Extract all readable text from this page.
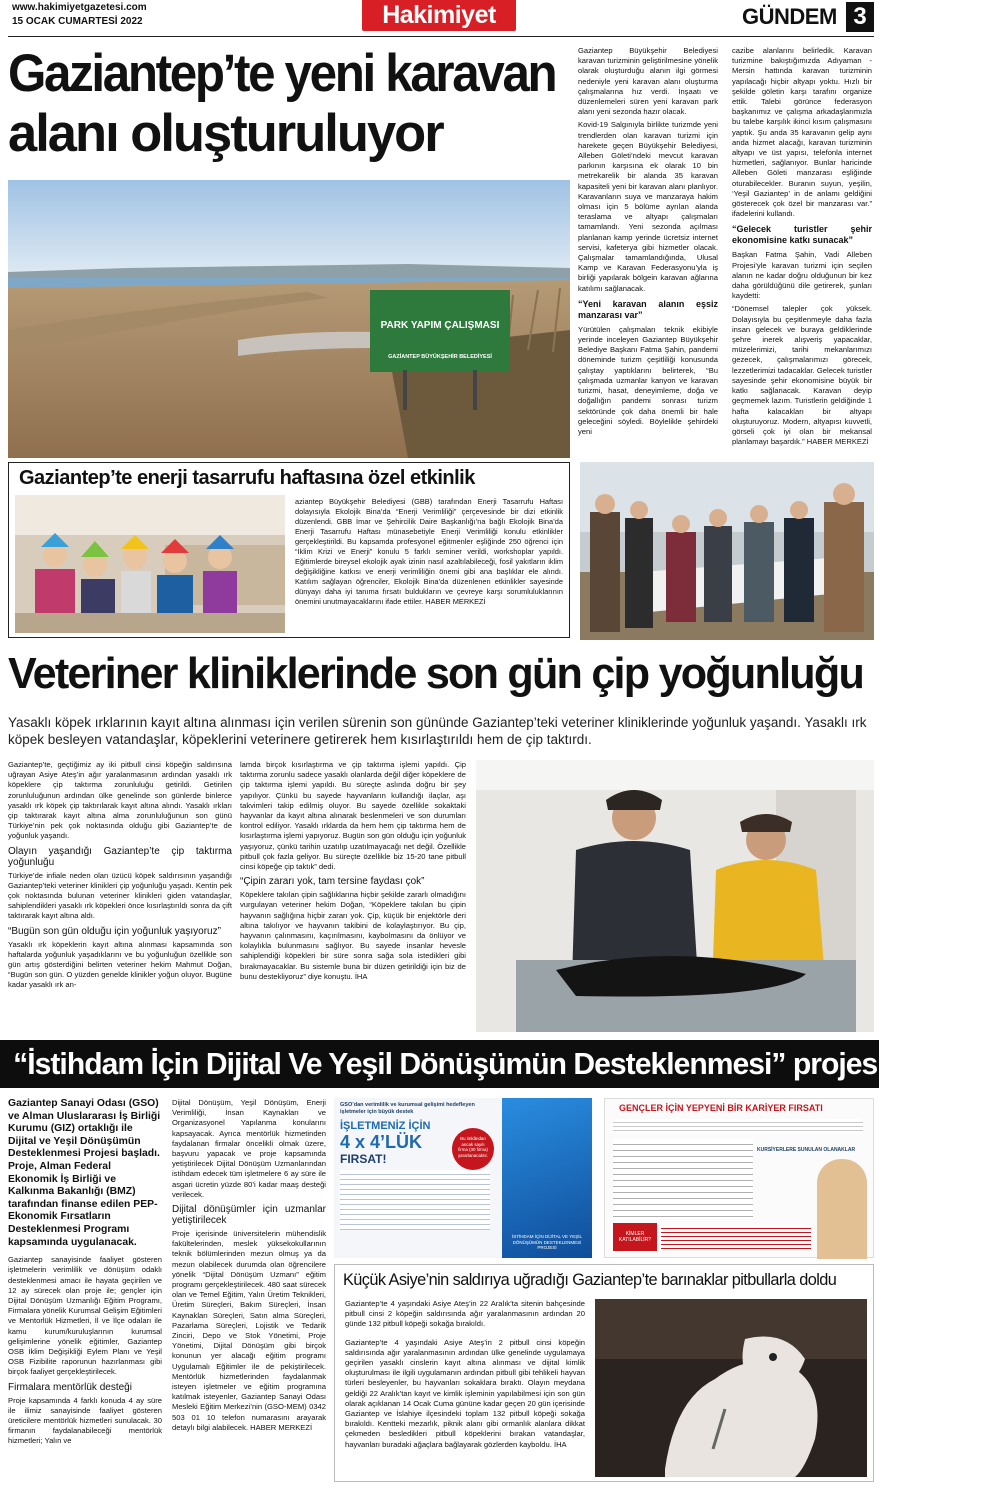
www.hakimiyetgazetesi.com
15 OCAK CUMARTESİ 2022	Hakimiyet	GÜNDEM 3
Gaziantep’te yeni karavan
alanı oluşturuluyor
PARK YAPIM ÇALIŞMASI
GAZİANTEP BÜYÜKŞEHİR BELEDİYESİ

Gaziantep Büyükşehir Belediyesi karavan turizminin geliştirilmesine yönelik olarak oluşturduğu alanın ilgi görmesi nedeniyle yeni karavan alanı oluşturma çalışmalarına hız verdi. İnşaatı ve düzenlemeleri süren yeni karavan park alanı yeni sezonda hazır olacak.

Kovid-19 Salgınıyla birlikte turizmde yeni trendlerden olan karavan turizmi için harekete geçen Büyükşehir Belediyesi, Alleben Göleti’ndeki mevcut karavan parkının karşısına ek olarak 10 bin metrekarelik bir alanda 35 karavan kapasiteli yeni bir karavan alanı planlıyor. Karavanların suya ve manzaraya hakim olması için 5 bölüme ayrılan alanda teraslama ve altyapı çalışmaları tamamlandı. Yeni sezonda açılması planlanan kamp yerinde ücretsiz internet servisi, kafeterya gibi hizmetler olacak. Çalışmalar tamamlandığında, Ulusal Kamp ve Karavan Federasyonu’yla iş birliği yapılarak bölgein karavan ağlarına katılımı sağlanacak.

“Yeni karavan alanın eşsiz manzarası var”

Yürütülen çalışmaları teknik ekibiyle yerinde inceleyen Gaziantep Büyükşehir Belediye Başkanı Fatma Şahin, pandemi döneminde turizm çeşitliliği konusunda çalıştay yaptıklarını belirterek, “Bu çalışmada uzmanlar kanyon ve karavan turizmi, hasat, deneyimleme, doğa ve doğallığın pandemi sonrası turizm sektöründe çok daha önemli bir hale geleceğini söyledi. Böylelikle şehirdeki yeni

cazibe alanlarını belirledik. Karavan turizmine bakıştığımızda Adıyaman - Mersin hattında karavan turizminin yapılacağı hiçbir altyapı yoktu. Hızlı bir şekilde göletin karşı tarafını organize ettik. Talebi görünce federasyon başkanımız ve çalışma arkadaşlarımızla bu talebe karşılık ikinci kısım çalışmasını yaptık. Şu anda 35 karavanın gelip aynı anda hizmet alacağı, karavan turizminin altyapı ve üst yapısı, telefonla internet hizmetleri, sağlanıyor. Bunlar haricinde Alleben Göleti manzarası eşliğinde oturabilecekler. Buranın suyun, yeşilin, ‘Yeşil Gaziantep’ in de anlamı geldiğini gösterecek çok özel bir manzarası var.” ifadelerini kullandı.

“Gelecek turistler şehir ekonomisine katkı sunacak”

Başkan Fatma Şahin, Vadi Alleben Projesi’yle karavan turizmi için seçilen alanın ne kadar doğru olduğunun bir kez daha görüldüğünü dile getirerek, şunları kaydetti:

“Dönemsel talepler çok yüksek. Dolayısıyla bu çeşitlenmeyle daha fazla insan gelecek ve buraya geldiklerinde şehre inerek alışveriş yapacaklar, müzelerimizi, tarihi mekanlarımızı gezecek, çalışmalarımızı görecek, lezzetlerimizi tadacaklar. Gelecek turistler sayesinde şehir ekonomisine büyük bir katkı sağlanacak. Karavan deyip geçmemek lazım. Turistlerin geldiğinde 1 hafta kalacakları bir altyapı oluşturuyoruz. Modern, altyapısı kuvvetli, görseli çok iyi olan bir mekansal planlamayı başardık.” HABER MERKEZİ

Gaziantep’te enerji tasarrufu haftasına özel etkinlik
aziantep Büyükşehir Belediyesi (GBB) tarafından Enerji Tasarrufu Haftası dolayısıyla Ekolojik Bina’da “Enerji Verimliliği” çerçevesinde bir dizi etkinlik düzenlendi. GBB İmar ve Şehircilik Daire Başkanlığı’na bağlı Ekolojik Bina’da Enerji Tasarrufu Haftası münasebetiyle Enerji Verimliliği konulu etkinlikler gerçekleştirildi. Bu kapsamda profesyonel eğitmenler eşliğinde 250 öğrenci için “İklim Krizi ve Enerji” konulu 5 farklı seminer verildi, workshoplar yapıldı. Eğitimlerde bireysel ekolojik ayak izinin nasıl azaltılabileceği, fosil yakıtların iklim değişikliğine katkısı ve enerji verimliliğin önemi gibi ana başlıklar ele alındı. Katılım sağlayan öğrenciler, Ekolojik Bina’da düzenlenen etkinlikler sayesinde dünyayı daha iyi tanıma fırsatı buldukların ve çevreye karşı sorumluluklarının önemini unutmayacaklarını ifade ettiler. HABER MERKEZİ
Veteriner kliniklerinde son gün çip yoğunluğu
Yasaklı köpek ırklarının kayıt altına alınması için verilen sürenin son gününde Gaziantep’teki veteriner kliniklerinde yoğunluk yaşandı. Yasaklı ırk köpek besleyen vatandaşlar, köpeklerini veterinere getirerek hem kısırlaştırıldı hem de çip taktırdı.

Gaziantep’te, geçtiğimiz ay iki pitbull cinsi köpeğin saldırısına uğrayan Asiye Ateş’in ağır yaralanmasının ardından yasaklı ırk köpeklere çip taktırma zorunluluğu getirildi. Getirilen zorunluluğunun ardından ülke genelinde son günlerde binlerce yasaklı ırk köpek çip taktırılarak kayıt altına alındı. Yasaklı ırkları çip taktırarak kayıt altına alma zorunluluğunun son günü Türkiye’nin pek çok noktasında olduğu gibi Gaziantep’te de yoğunluk yaşandı.

Olayın yaşandığı Gaziantep’te çip taktırma yoğunluğu

Türkiye’de infiale neden olan üzücü köpek saldırısının yaşandığı Gaziantep’teki veteriner klinikleri çip yoğunluğu yaşadı. Kentin pek çok noktasında bulunan veteriner klinikleri giden vatandaşlar, sahiplendikleri yasaklı ırk köpekleri önce kısırlaştırıldı sonra da çift taktırarak kayıt altına aldı.

“Bugün son gün olduğu için yoğunluk yaşıyoruz”

Yasaklı ırk köpeklerin kayıt altına alınması kapsamında son haftalarda yoğunluk yaşadıklarını ve bu yoğunluğun özellikle son gün artış gösterdiğini belirten veteriner hekim Mahmut Doğan, “Bugün son gün. O yüzden genelde klinikler yoğun oluyor. Bugüne kadar yasaklı ırk an-

lamda birçok kısırlaştırma ve çip taktırma işlemi yapıldı. Çip taktırma zorunlu sadece yasaklı olanlarda değil diğer köpeklere de çip taktırma işlemi yapıldı. Bu süreçte aslında doğru bir şey yapılıyor. Çünkü bu sayede hayvanların kullandığı ilaçlar, aşı takvimleri takip edilmiş oluyor. Bu sayede özellikle sokaktaki hayvanlar da kayıt altına alınarak beslenmeleri ve son durumları kontrol ediliyor. Yasaklı ırklarda da hem hem çip taktırma hem de kısırlaştırma işlemi yapıyoruz. Bugün son gün olduğu için yoğunluk yaşıyoruz, çünkü tarihin uzatılıp uzatılmayacağı net değil. Özellikle pitbull çok fazla geliyor. Bu süreçte özellikle biz 15-20 tane pitbull cinsi köpeğe çip taktık” dedi.

“Çipin zararı yok, tam tersine faydası çok”

Köpeklere takılan çipin sağlıklarına hiçbir şekilde zararlı olmadığını vurgulayan veteriner hekim Doğan, “Köpeklere takılan bu çipin hayvanın sağlığına hiçbir zararı yok. Çip, küçük bir enjektörle deri altına takılıyor ve hayvanın takibini de kolaylaştırıyor. Bu çip, hayvanın çalınmasını, kaçırılmasını, kaybolmasını da önlüyor ve kolaylıkla bulunmasını sağlıyor. Bu sayede insanlar hevesle sahiplendiği köpekleri bir süre sonra sağa sola istedikleri gibi bırakmayacaklar. Bu sistemle buna bir düzen getirildiği için biz de bunu destekliyoruz” diye konuştu. İHA

“İstihdam İçin Dijital Ve Yeşil Dönüşümün Desteklenmesi” projesi başladı
Gaziantep Sanayi Odası (GSO) ve Alman Uluslararası İş Birliği Kurumu (GIZ) ortaklığı ile Dijital ve Yeşil Dönüşümün Desteklenmesi Projesi başladı. Proje, Alman Federal Ekonomik İş Birliği ve Kalkınma Bakanlığı (BMZ) tarafından finanse edilen PEP-Ekonomik Fırsatların Desteklenmesi Programı kapsamında uygulanacak.

Gaziantep sanayisinde faaliyet gösteren işletmelerin verimlilik ve dönüşüm odaklı desteklenmesi amacı ile hayata geçirilen ve 12 ay sürecek olan proje ile; gençler için Dijital Dönüşüm Uzmanlığı Eğitim Programı, Firmalara yönelik Kurumsal Gelişim Eğitimleri ve Mentorlük Hizmetleri, İl ve İlçe odaları ile kamu kurum/kuruluşlarının kurumsal gelişimlerine yönelik eğitimler, Gaziantep OSB İklim Değişikliği Eylem Planı ve Yeşil OSB Fizibilite raporunun hazırlanması gibi birçok faaliyet gerçekleştirilecek.

Firmalara mentörlük desteği

Proje kapsamında 4 farklı konuda 4 ay süre ile ilimiz sanayisinde faaliyet gösteren üreticilere mentörlük hizmetleri sunulacak. 30 firmanın faydalanabileceği mentörlük hizmetleri; Yalın ve

Dijital Dönüşüm, Yeşil Dönüşüm, Enerji Verimliliği, İnsan Kaynakları ve Organizasyonel Yapılanma konularını kapsayacak. Ayrıca mentörlük hizmetinden faydalanan firmalar öncelikli olmak üzere, başvuru yapacak ve proje kapsamında yetiştirilecek Dijital Dönüşüm Uzmanlarından istihdam edecek tüm işletmelere 6 ay süre ile asgari ücretin yüzde 80’i kadar maaş desteği verilecek.

Dijital dönüşümler için uzmanlar yetiştirilecek

Proje içerisinde üniversitelerin mühendislik fakültelerinden, meslek yüksekokullarının teknik bölümlerinden mezun olmuş ya da mezun olabilecek durumda olan öğrencilere yönelik “Dijital Dönüşüm Uzmanı” eğitim programı gerçekleştirilecek. 480 saat sürecek olan ve Temel Eğitim, Yalın Üretim Teknikleri, Üretim Süreçleri, Bakım Süreçleri, İnsan Kaynakları Süreçleri, Satın alma Süreçleri, Pazarlama Süreçleri, Lojistik ve Tedarik Zinciri, Depo ve Stok Yönetimi, Proje Yönetimi, Dijital Dönüşüm gibi birçok konunun yer alacağı eğitim programı Uygulamalı Eğitimler ile de pekiştirilecek. Mentörlük hizmetlerinden faydalanmak isteyen işletmeler ve eğitim programına katılmak isteyenler, Gaziantep Sanayi Odası Mesleki Eğitim Merkezi’nin (GSO-MEM) 0342 503 01 10 telefon numarasını arayarak detaylı bilgi alabilecek. HABER MERKEZİ

GSO’dan verimlilik ve kurumsal gelişimi hedefleyen işletmeler için büyük destek
İŞLETMENİZ İÇİN
4 x 4’LÜK
FIRSAT!
Bu imkândan ancak sayılı firma (30 firma) yararlanacaktır.
İSTİHDAM İÇİN DİJİTAL VE YEŞİL DÖNÜŞÜMÜN DESTEKLENMESİ PROJESİ
GENÇLER İÇİN YEPYENİ BİR KARİYER FIRSATI
KURSİYERLERE SUNULAN OLANAKLAR
KİMLER KATILABİLİR?
Küçük Asiye’nin saldırıya uğradığı Gaziantep’te barınaklar pitbullarla doldu

Gaziantep’te 4 yaşındaki Asiye Ateş’in 22 Aralık’ta sitenin bahçesinde pitbull cinsi 2 köpeğin saldırısında ağır yaralanmasının ardından 20 günde 132 pitbull köpeği sokağa bırakıldı.

Gaziantep’te 4 yaşındaki Asiye Ateş’in 2 pitbull cinsi köpeğin saldırısında ağır yaralanmasının ardından ülke genelinde uygulamaya geçirilen yasaklı cinslerin kayıt altına alınması ve dijital kimlik oluşturulması ile ilgili uygulamanın ardından pitbull gibi tehlikeli hayvan türleri besleyenler, bu hayvanları sokaklara bıraktı. Olayın meydana geldiği 22 Aralık’tan kayıt ve kimlik işleminin yapılabilmesi için son gün olarak açıklanan 14 Ocak Cuma gününe kadar geçen 20 gün içerisinde Gaziantep ve İslahiye ilçesindeki toplam 132 pitbull köpeği sokağa bırakıldı. Kentteki mezarlık, piknik alanı gibi ormanlık alanlara dikkat çekmeden besledikleri pitbull köpeklerini bırakan vatandaşlar, hayvanları buradaki ağaçlara bağlayarak gözlerden kayboldu. İHA
